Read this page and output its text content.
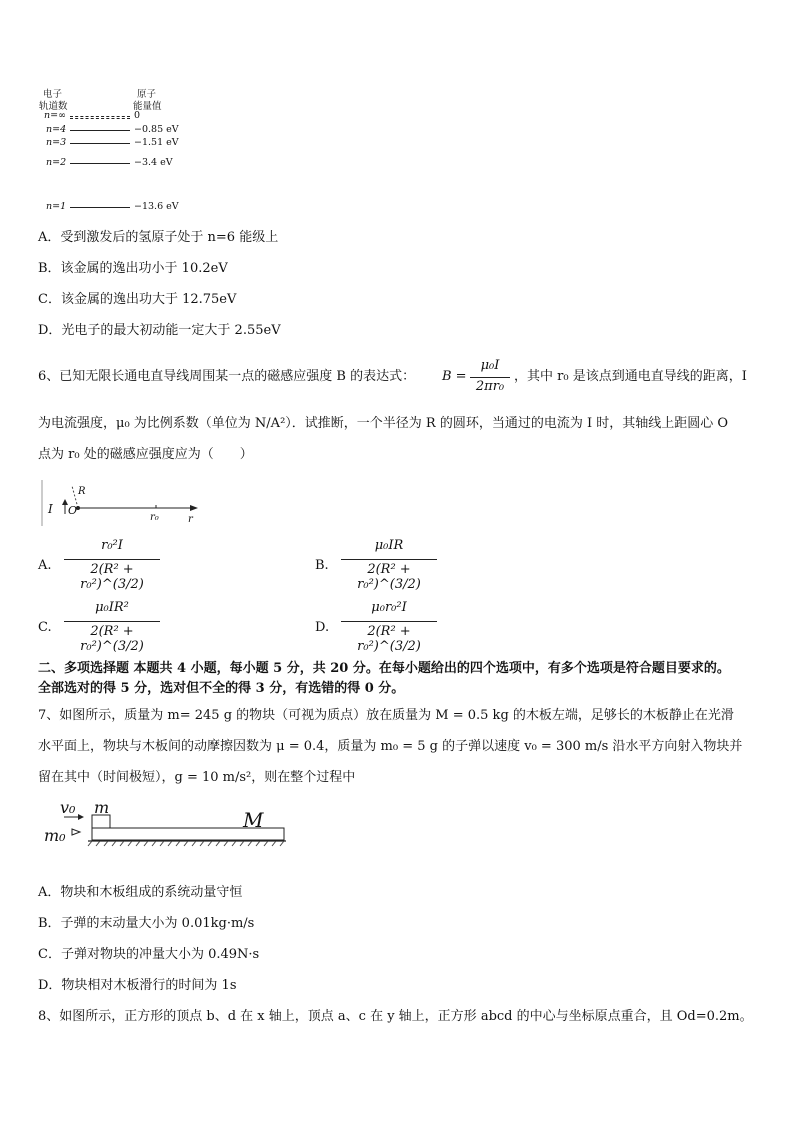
电子
轨道数
原子
能量值
n=∞	0
n=4	−0.85 eV
n=3	−1.51 eV
n=2	−3.4 eV
n=1	−13.6 eV
A．受到激发后的氢原子处于 n=6 能级上
B．该金属的逸出功小于 10.2eV
C．该金属的逸出功大于 12.75eV
D．光电子的最大初动能一定大于 2.55eV
6、已知无限长通电直导线周围某一点的磁感应强度 B 的表达式： B =
μ₀I
2πr₀
，其中 r₀ 是该点到通电直导线的距离，I
为电流强度，μ₀ 为比例系数（单位为 N/A²）．试推断，一个半径为 R 的圆环，当通过的电流为 I 时，其轴线上距圆心 O
点为 r₀ 处的磁感应强度应为（　　）
I O
R
r₀	r
A.
r₀²I
2(R² + r₀²)^(3/2)
B.
μ₀IR
2(R² + r₀²)^(3/2)
C.
μ₀IR²
2(R² + r₀²)^(3/2)
D.
μ₀r₀²I
2(R² + r₀²)^(3/2)
二、多项选择题 本题共 4 小题，每小题 5 分，共 20 分。在每小题给出的四个选项中，有多个选项是符合题目要求的。
全部选对的得 5 分，选对但不全的得 3 分，有选错的得 0 分。
7、如图所示，质量为 m= 245 g 的物块（可视为质点）放在质量为 M = 0.5 kg 的木板左端，足够长的木板静止在光滑
水平面上，物块与木板间的动摩擦因数为 μ = 0.4，质量为 m₀ = 5 g 的子弹以速度 v₀ = 300 m/s 沿水平方向射入物块并
留在其中（时间极短），g = 10 m/s²，则在整个过程中
v₀ m
m₀
M
A．物块和木板组成的系统动量守恒
B．子弹的末动量大小为 0.01kg·m/s
C．子弹对物块的冲量大小为 0.49N·s
D．物块相对木板滑行的时间为 1s
8、如图所示，正方形的顶点 b、d 在 x 轴上，顶点 a、c 在 y 轴上，正方形 abcd 的中心与坐标原点重合，且 Od=0.2m。
